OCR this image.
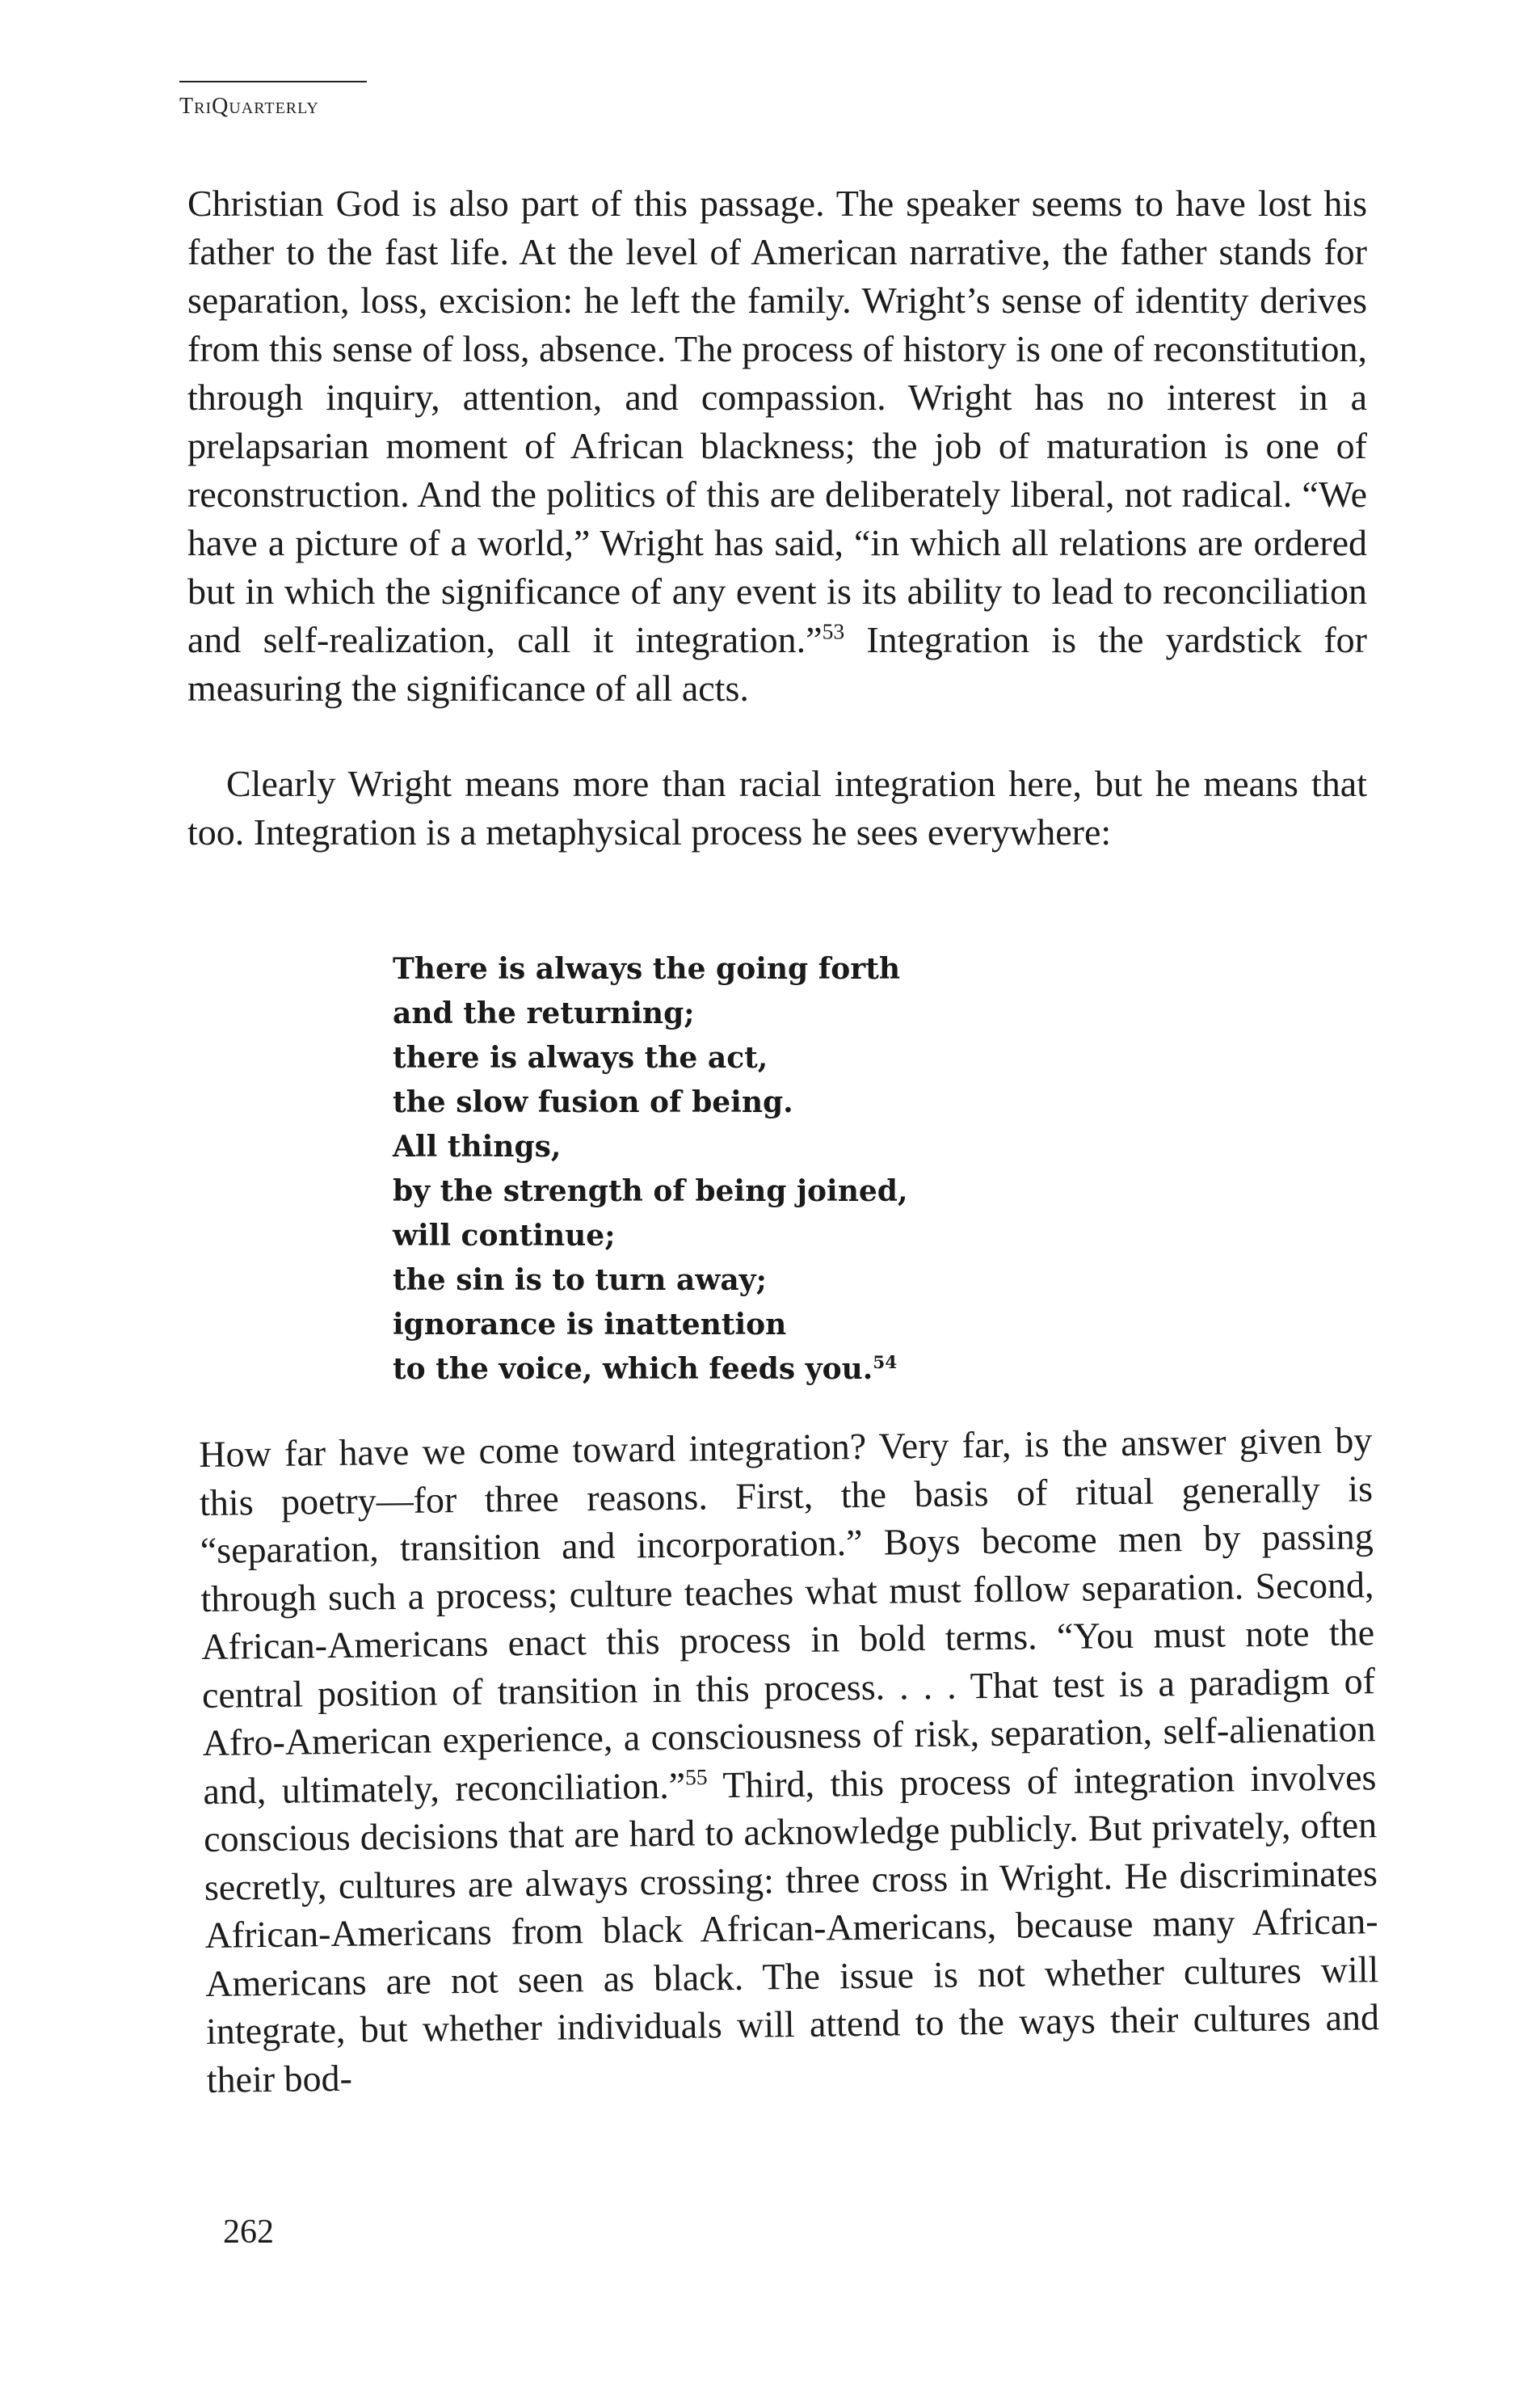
TriQuarterly
Christian God is also part of this passage. The speaker seems to have lost his father to the fast life. At the level of American narrative, the father stands for separation, loss, excision: he left the family. Wright’s sense of identity derives from this sense of loss, absence. The process of history is one of reconstitution, through inquiry, attention, and compassion. Wright has no interest in a prelapsarian moment of African blackness; the job of maturation is one of reconstruction. And the politics of this are deliberately liberal, not radical. “We have a picture of a world,” Wright has said, “in which all relations are ordered but in which the significance of any event is its ability to lead to reconciliation and self-realization, call it integration.”$^{53}$ Integration is the yardstick for measuring the significance of all acts.
Clearly Wright means more than racial integration here, but he means that too. Integration is a metaphysical process he sees everywhere:
There is always the going forth
and the returning;
there is always the act,
the slow fusion of being.
All things,
by the strength of being joined,
will continue;
the sin is to turn away;
ignorance is inattention
to the voice, which feeds you.$^{54}$
How far have we come toward integration? Very far, is the answer given by this poetry—for three reasons. First, the basis of ritual generally is “separation, transition and incorporation.” Boys become men by passing through such a process; culture teaches what must follow separation. Second, African-Americans enact this process in bold terms. “You must note the central position of transition in this process. . . . That test is a paradigm of Afro-American experience, a consciousness of risk, separation, self-alienation and, ultimately, reconciliation.”$^{55}$ Third, this process of integration involves conscious decisions that are hard to acknowledge publicly. But privately, often secretly, cultures are always crossing: three cross in Wright. He discriminates African-Americans from black African-Americans, because many African-Americans are not seen as black. The issue is not whether cultures will integrate, but whether individuals will attend to the ways their cultures and their bod-
262
